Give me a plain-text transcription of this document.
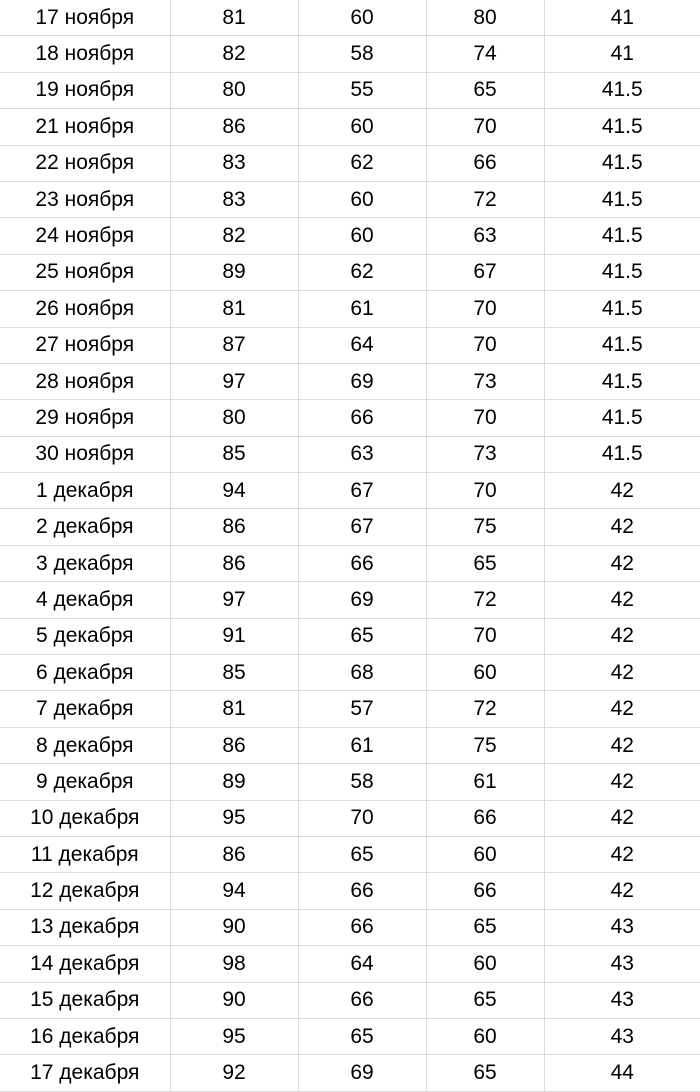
17 ноября	81	60	80	41
18 ноября	82	58	74	41
19 ноября	80	55	65	41.5
21 ноября	86	60	70	41.5
22 ноября	83	62	66	41.5
23 ноября	83	60	72	41.5
24 ноября	82	60	63	41.5
25 ноября	89	62	67	41.5
26 ноября	81	61	70	41.5
27 ноября	87	64	70	41.5
28 ноября	97	69	73	41.5
29 ноября	80	66	70	41.5
30 ноября	85	63	73	41.5
1 декабря	94	67	70	42
2 декабря	86	67	75	42
3 декабря	86	66	65	42
4 декабря	97	69	72	42
5 декабря	91	65	70	42
6 декабря	85	68	60	42
7 декабря	81	57	72	42
8 декабря	86	61	75	42
9 декабря	89	58	61	42
10 декабря	95	70	66	42
11 декабря	86	65	60	42
12 декабря	94	66	66	42
13 декабря	90	66	65	43
14 декабря	98	64	60	43
15 декабря	90	66	65	43
16 декабря	95	65	60	43
17 декабря	92	69	65	44
